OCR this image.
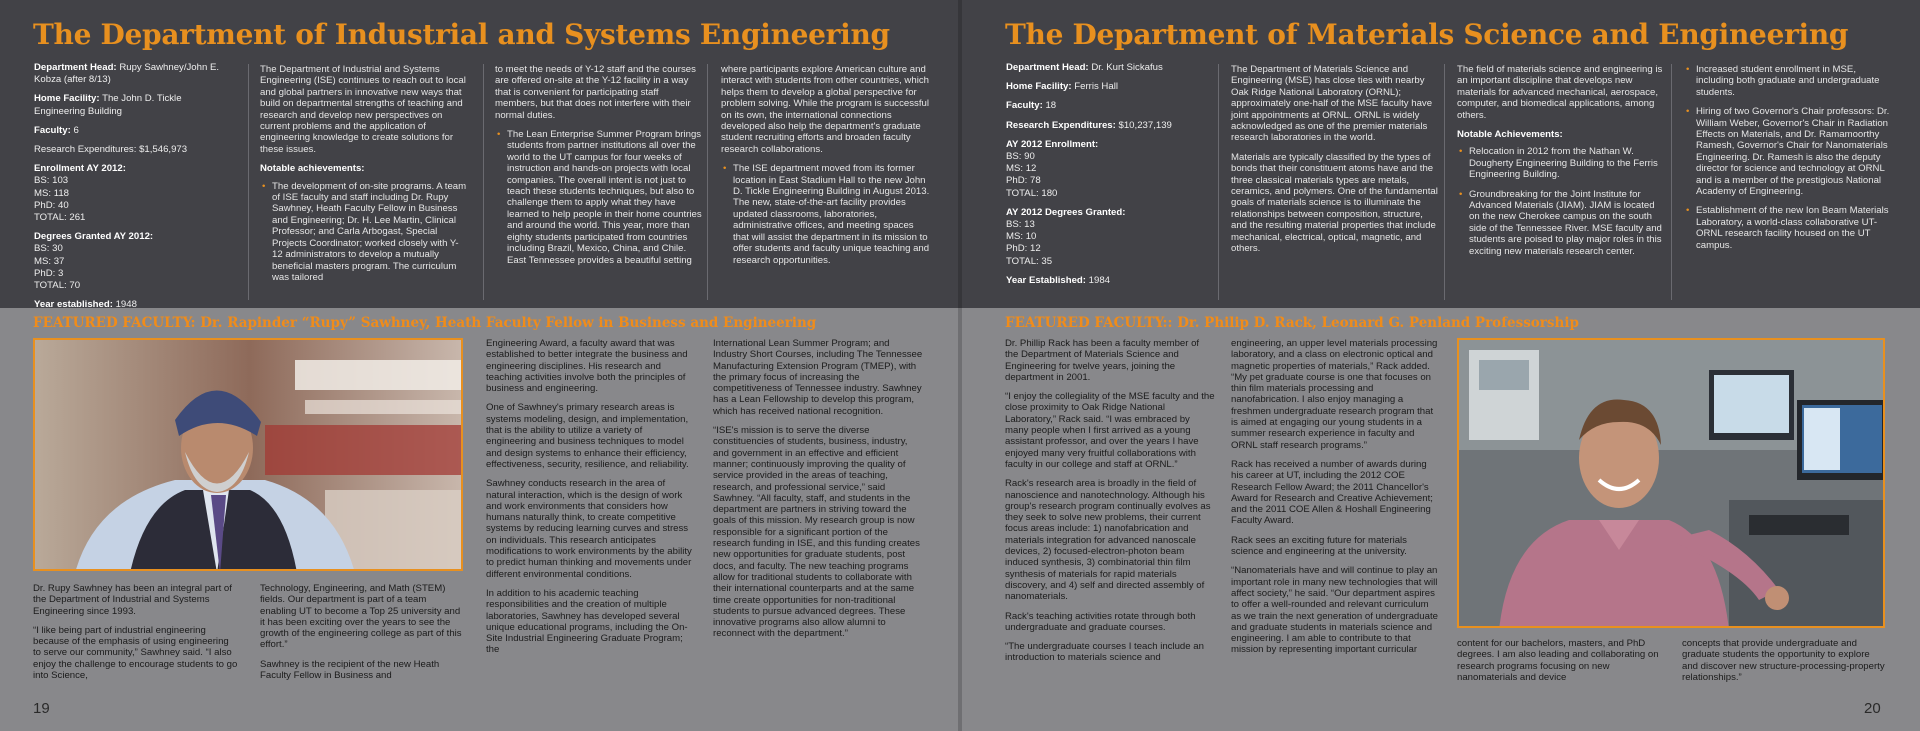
The Department of Industrial and Systems Engineering
Department Head: Rupy Sawhney/John E. Kobza (after 8/13)
Home Facility: The John D. Tickle Engineering Building
Faculty: 6
Research Expenditures: $1,546,973
Enrollment AY 2012:
BS: 103
MS: 118
PhD: 40
TOTAL: 261
Degrees Granted AY 2012:
BS: 30
MS: 37
PhD: 3
TOTAL: 70
Year established: 1948

The Department of Industrial and Systems Engineering (ISE) continues to reach out to local and global partners in innovative new ways that build on departmental strengths of teaching and research and develop new perspectives on current problems and the application of engineering knowledge to create solutions for these issues.

Notable achievements:
• The development of on-site programs. A team of ISE faculty and staff including Dr. Rupy Sawhney, Heath Faculty Fellow in Business and Engineering; Dr. H. Lee Martin, Clinical Professor; and Carla Arbogast, Special Projects Coordinator; worked closely with Y-12 administrators to develop a mutually beneficial masters program. The curriculum was tailored

to meet the needs of Y-12 staff and the courses are offered on-site at the Y-12 facility in a way that is convenient for participating staff members, but that does not interfere with their normal duties.

• The Lean Enterprise Summer Program brings students from partner institutions all over the world to the UT campus for four weeks of instruction and hands-on projects with local companies. The overall intent is not just to teach these students techniques, but also to challenge them to apply what they have learned to help people in their home countries and around the world. This year, more than eighty students participated from countries including Brazil, Mexico, China, and Chile. East Tennessee provides a beautiful setting

where participants explore American culture and interact with students from other countries, which helps them to develop a global perspective for problem solving. While the program is successful on its own, the international connections developed also help the department's graduate student recruiting efforts and broaden faculty research collaborations.

• The ISE department moved from its former location in East Stadium Hall to the new John D. Tickle Engineering Building in August 2013. The new, state-of-the-art facility provides updated classrooms, laboratories, administrative offices, and meeting spaces that will assist the department in its mission to offer students and faculty unique teaching and research opportunities.
FEATURED FACULTY: Dr. Rapinder “Rupy” Sawhney, Heath Faculty Fellow in Business and Engineering

Dr. Rupy Sawhney has been an integral part of the Department of Industrial and Systems Engineering since 1993.

“I like being part of industrial engineering because of the emphasis of using engineering to serve our community,” Sawhney said. “I also enjoy the challenge to encourage students to go into Science,

Technology, Engineering, and Math (STEM) fields. Our department is part of a team enabling UT to become a Top 25 university and it has been exciting over the years to see the growth of the engineering college as part of this effort.”

Sawhney is the recipient of the new Heath Faculty Fellow in Business and

Engineering Award, a faculty award that was established to better integrate the business and engineering disciplines. His research and teaching activities involve both the principles of business and engineering.

One of Sawhney's primary research areas is systems modeling, design, and implementation, that is the ability to utilize a variety of engineering and business techniques to model and design systems to enhance their efficiency, effectiveness, security, resilience, and reliability.

Sawhney conducts research in the area of natural interaction, which is the design of work and work environments that considers how humans naturally think, to create competitive systems by reducing learning curves and stress on individuals. This research anticipates modifications to work environments by the ability to predict human thinking and movements under different environmental conditions.

In addition to his academic teaching responsibilities and the creation of multiple laboratories, Sawhney has developed several unique educational programs, including the On-Site Industrial Engineering Graduate Program; the

International Lean Summer Program; and Industry Short Courses, including The Tennessee Manufacturing Extension Program (TMEP), with the primary focus of increasing the competitiveness of Tennessee industry. Sawhney has a Lean Fellowship to develop this program, which has received national recognition.

“ISE's mission is to serve the diverse constituencies of students, business, industry, and government in an effective and efficient manner; continuously improving the quality of service provided in the areas of teaching, research, and professional service,” said Sawhney. “All faculty, staff, and students in the department are partners in striving toward the goals of this mission. My research group is now responsible for a significant portion of the research funding in ISE, and this funding creates new opportunities for graduate students, post docs, and faculty. The new teaching programs allow for traditional students to collaborate with their international counterparts and at the same time create opportunities for non-traditional students to pursue advanced degrees. These innovative programs also allow alumni to reconnect with the department.”

19
The Department of Materials Science and Engineering
Department Head: Dr. Kurt Sickafus
Home Facility: Ferris Hall
Faculty: 18
Research Expenditures: $10,237,139
AY 2012 Enrollment:
BS: 90
MS: 12
PhD: 78
TOTAL: 180
AY 2012 Degrees Granted:
BS: 13
MS: 10
PhD: 12
TOTAL: 35
Year Established: 1984

The Department of Materials Science and Engineering (MSE) has close ties with nearby Oak Ridge National Laboratory (ORNL); approximately one-half of the MSE faculty have joint appointments at ORNL. ORNL is widely acknowledged as one of the premier materials research laboratories in the world.

Materials are typically classified by the types of bonds that their constituent atoms have and the three classical materials types are metals, ceramics, and polymers. One of the fundamental goals of materials science is to illuminate the relationships between composition, structure, and the resulting material properties that include mechanical, electrical, optical, magnetic, and others.

The field of materials science and engineering is an important discipline that develops new materials for advanced mechanical, aerospace, computer, and biomedical applications, among others.

Notable Achievements:
• Relocation in 2012 from the Nathan W. Dougherty Engineering Building to the Ferris Engineering Building.
• Groundbreaking for the Joint Institute for Advanced Materials (JIAM). JIAM is located on the new Cherokee campus on the south side of the Tennessee River. MSE faculty and students are poised to play major roles in this exciting new materials research center.
• Increased student enrollment in MSE, including both graduate and undergraduate students.
• Hiring of two Governor's Chair professors: Dr. William Weber, Governor's Chair in Radiation Effects on Materials, and Dr. Ramamoorthy Ramesh, Governor's Chair for Nanomaterials Engineering. Dr. Ramesh is also the deputy director for science and technology at ORNL and is a member of the prestigious National Academy of Engineering.
• Establishment of the new Ion Beam Materials Laboratory, a world-class collaborative UT-ORNL research facility housed on the UT campus.
FEATURED FACULTY:: Dr. Philip D. Rack, Leonard G. Penland Professorship

Dr. Phillip Rack has been a faculty member of the Department of Materials Science and Engineering for twelve years, joining the department in 2001.

“I enjoy the collegiality of the MSE faculty and the close proximity to Oak Ridge National Laboratory,” Rack said. “I was embraced by many people when I first arrived as a young assistant professor, and over the years I have enjoyed many very fruitful collaborations with faculty in our college and staff at ORNL.”

Rack's research area is broadly in the field of nanoscience and nanotechnology. Although his group's research program continually evolves as they seek to solve new problems, their current focus areas include: 1) nanofabrication and materials integration for advanced nanoscale devices, 2) focused-electron-photon beam induced synthesis, 3) combinatorial thin film synthesis of materials for rapid materials discovery, and 4) self and directed assembly of nanomaterials.

Rack's teaching activities rotate through both undergraduate and graduate courses.

“The undergraduate courses I teach include an introduction to materials science and

engineering, an upper level materials processing laboratory, and a class on electronic optical and magnetic properties of materials,” Rack added. “My pet graduate course is one that focuses on thin film materials processing and nanofabrication. I also enjoy managing a freshmen undergraduate research program that is aimed at engaging our young students in a summer research experience in faculty and ORNL staff research programs.”

Rack has received a number of awards during his career at UT, including the 2012 COE Research Fellow Award; the 2011 Chancellor's Award for Research and Creative Achievement; and the 2011 COE Allen & Hoshall Engineering Faculty Award.

Rack sees an exciting future for materials science and engineering at the university.

“Nanomaterials have and will continue to play an important role in many new technologies that will affect society,” he said. “Our department aspires to offer a well-rounded and relevant curriculum as we train the next generation of undergraduate and graduate students in materials science and engineering. I am able to contribute to that mission by representing important curricular

content for our bachelors, masters, and PhD degrees. I am also leading and collaborating on research programs focusing on new nanomaterials and device

concepts that provide undergraduate and graduate students the opportunity to explore and discover new structure-processing-property relationships.”

20
